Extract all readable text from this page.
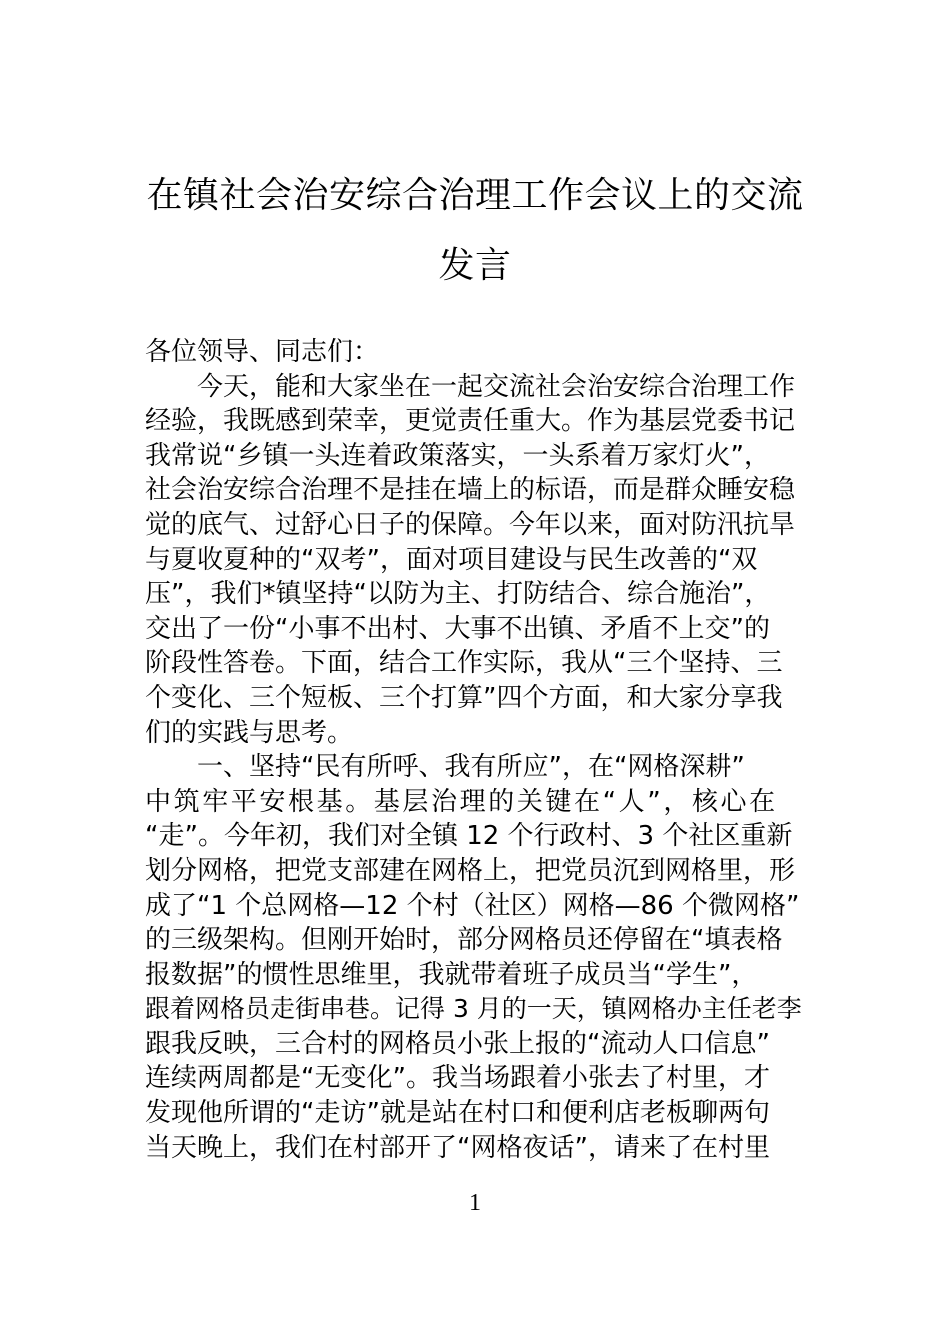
在镇社会治安综合治理工作会议上的交流
发言
各位领导、同志们：
今天，能和大家坐在一起交流社会治安综合治理工作
经验，我既感到荣幸，更觉责任重大。作为基层党委书记
我常说“乡镇一头连着政策落实，一头系着万家灯火”，
社会治安综合治理不是挂在墙上的标语，而是群众睡安稳
觉的底气、过舒心日子的保障。今年以来，面对防汛抗旱
与夏收夏种的“双考”，面对项目建设与民生改善的“双
压”，我们*镇坚持“以防为主、打防结合、综合施治”，
交出了一份“小事不出村、大事不出镇、矛盾不上交”的
阶段性答卷。下面，结合工作实际，我从“三个坚持、三
个变化、三个短板、三个打算”四个方面，和大家分享我
们的实践与思考。
一、坚持“民有所呼、我有所应”，在“网格深耕”
中筑牢平安根基。基层治理的关键在“人”，核心在
“走”。今年初，我们对全镇 12 个行政村、3 个社区重新
划分网格，把党支部建在网格上，把党员沉到网格里，形
成了“1 个总网格—12 个村（社区）网格—86 个微网格”
的三级架构。但刚开始时，部分网格员还停留在“填表格
报数据”的惯性思维里，我就带着班子成员当“学生”，
跟着网格员走街串巷。记得 3 月的一天，镇网格办主任老李
跟我反映，三合村的网格员小张上报的“流动人口信息”
连续两周都是“无变化”。我当场跟着小张去了村里，才
发现他所谓的“走访”就是站在村口和便利店老板聊两句
当天晚上，我们在村部开了“网格夜话”，请来了在村里
1
